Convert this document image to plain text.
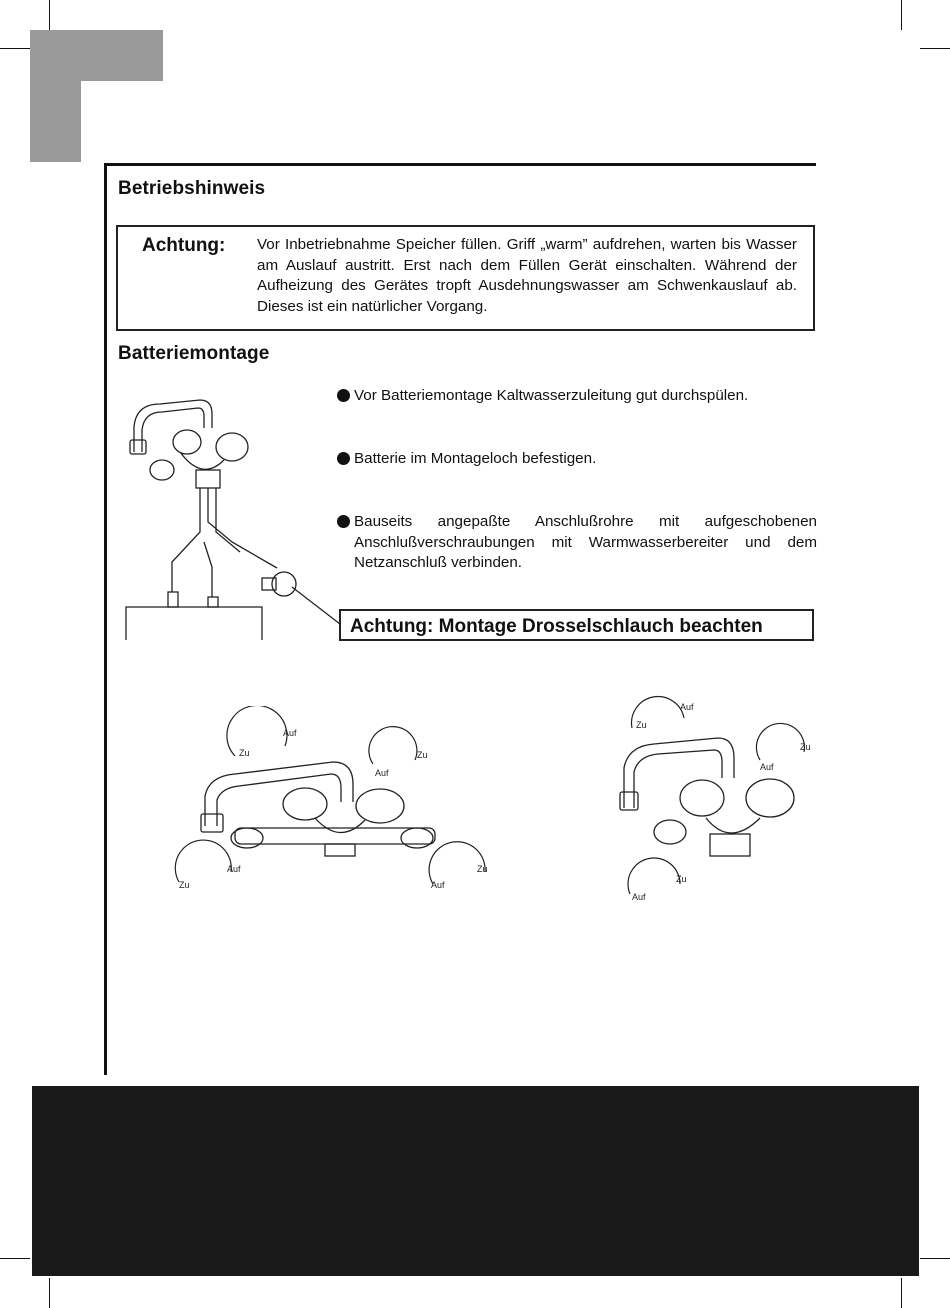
Betriebshinweis
Achtung: Vor Inbetriebnahme Speicher füllen. Griff „warm” aufdrehen, warten bis Wasser am Auslauf austritt. Erst nach dem Füllen Gerät einschalten. Während der Aufheizung des Gerätes tropft Ausdehnungswasser am Schwenkauslauf ab. Dieses ist ein natürlicher Vorgang.
Batteriemontage
Vor Batteriemontage Kaltwasserzuleitung gut durchspülen.
Batterie im Montageloch befestigen.
Bauseits angepaßte Anschlußrohre mit aufgeschobenen Anschlußverschraubungen mit Warmwasserbereiter und dem Netzanschluß verbinden.
Achtung: Montage Drosselschlauch beachten
Zu
Auf
Auf
Zu
Zu
Auf
Auf
Zu
Zu
Auf
Auf
Zu
Auf
Zu
